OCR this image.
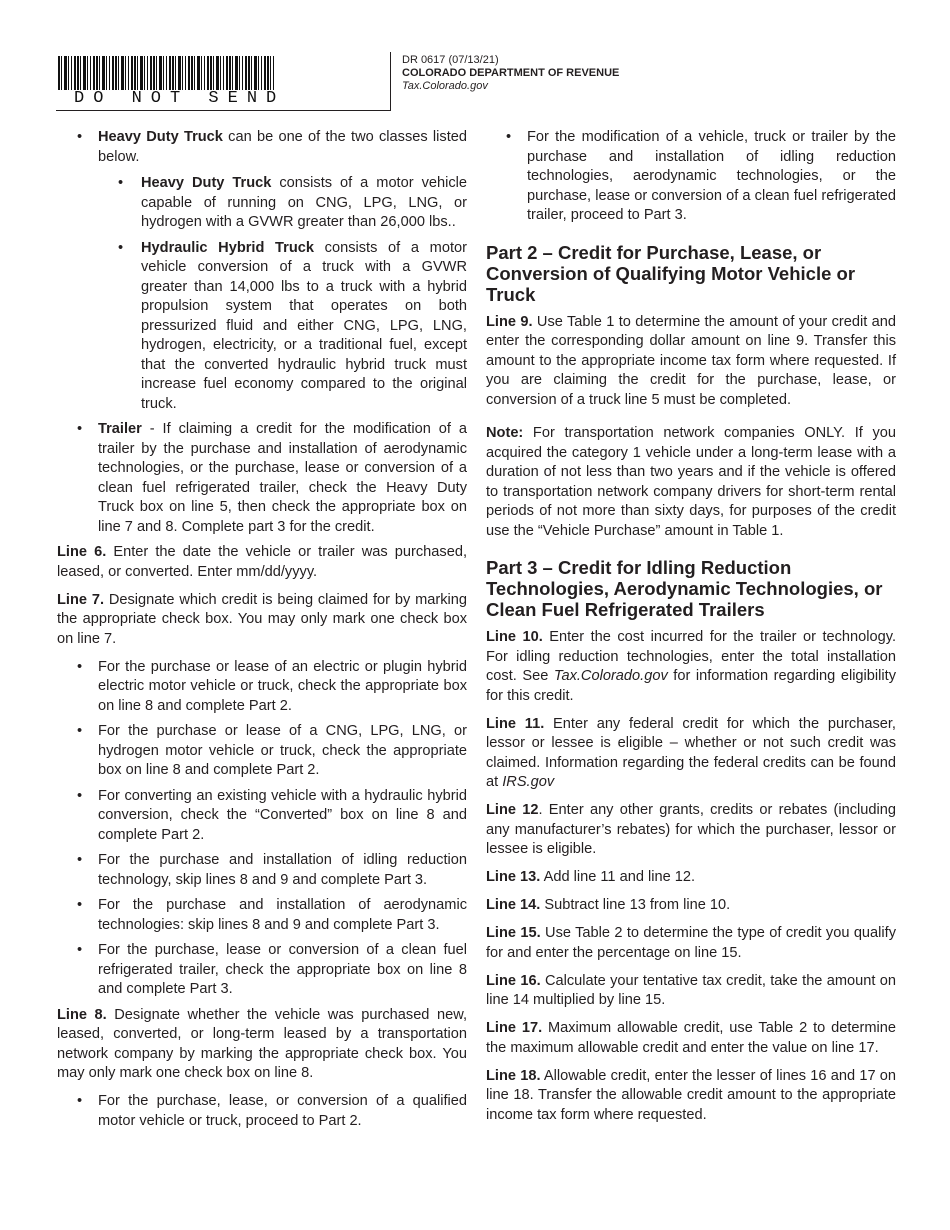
DO NOT SEND
DR 0617 (07/13/21)
COLORADO DEPARTMENT OF REVENUE
Tax.Colorado.gov
• Heavy Duty Truck can be one of the two classes listed below.
• Heavy Duty Truck consists of a motor vehicle capable of running on CNG, LPG, LNG, or hydrogen with a GVWR greater than 26,000 lbs..
• Hydraulic Hybrid Truck consists of a motor vehicle conversion of a truck with a GVWR greater than 14,000 lbs to a truck with a hybrid propulsion system that operates on both pressurized fluid and either CNG, LPG, LNG, hydrogen, electricity, or a traditional fuel, except that the converted hydraulic hybrid truck must increase fuel economy compared to the original truck.
• Trailer - If claiming a credit for the modification of a trailer by the purchase and installation of aerodynamic technologies, or the purchase, lease or conversion of a clean fuel refrigerated trailer, check the Heavy Duty Truck box on line 5, then check the appropriate box on line 7 and 8. Complete part 3 for the credit.

Line 6. Enter the date the vehicle or trailer was purchased, leased, or converted. Enter mm/dd/yyyy.

Line 7. Designate which credit is being claimed for by marking the appropriate check box. You may only mark one check box on line 7.

• For the purchase or lease of an electric or plugin hybrid electric motor vehicle or truck, check the appropriate box on line 8 and complete Part 2.
• For the purchase or lease of a CNG, LPG, LNG, or hydrogen motor vehicle or truck, check the appropriate box on line 8 and complete Part 2.
• For converting an existing vehicle with a hydraulic hybrid conversion, check the “Converted” box on line 8 and complete Part 2.
• For the purchase and installation of idling reduction technology, skip lines 8 and 9 and complete Part 3.
• For the purchase and installation of aerodynamic technologies: skip lines 8 and 9 and complete Part 3.
• For the purchase, lease or conversion of a clean fuel refrigerated trailer, check the appropriate box on line 8 and complete Part 3.

Line 8. Designate whether the vehicle was purchased new, leased, converted, or long-term leased by a transportation network company by marking the appropriate check box. You may only mark one check box on line 8.

• For the purchase, lease, or conversion of a qualified motor vehicle or truck, proceed to Part 2.
• For the modification of a vehicle, truck or trailer by the purchase and installation of idling reduction technologies, aerodynamic technologies, or the purchase, lease or conversion of a clean fuel refrigerated trailer, proceed to Part 3.
Part 2 – Credit for Purchase, Lease, or Conversion of Qualifying Motor Vehicle or Truck

Line 9. Use Table 1 to determine the amount of your credit and enter the corresponding dollar amount on line 9. Transfer this amount to the appropriate income tax form where requested. If you are claiming the credit for the purchase, lease, or conversion of a truck line 5 must be completed.

Note: For transportation network companies ONLY. If you acquired the category 1 vehicle under a long-term lease with a duration of not less than two years and if the vehicle is offered to transportation network company drivers for short-term rental periods of not more than sixty days, for purposes of the credit use the “Vehicle Purchase” amount in Table 1.

Part 3 – Credit for Idling Reduction Technologies, Aerodynamic Technologies, or Clean Fuel Refrigerated Trailers

Line 10. Enter the cost incurred for the trailer or technology. For idling reduction technologies, enter the total installation cost. See Tax.Colorado.gov for information regarding eligibility for this credit.

Line 11. Enter any federal credit for which the purchaser, lessor or lessee is eligible – whether or not such credit was claimed. Information regarding the federal credits can be found at IRS.gov

Line 12. Enter any other grants, credits or rebates (including any manufacturer’s rebates) for which the purchaser, lessor or lessee is eligible.

Line 13. Add line 11 and line 12.

Line 14. Subtract line 13 from line 10.

Line 15. Use Table 2 to determine the type of credit you qualify for and enter the percentage on line 15.

Line 16. Calculate your tentative tax credit, take the amount on line 14 multiplied by line 15.

Line 17. Maximum allowable credit, use Table 2 to determine the maximum allowable credit and enter the value on line 17.

Line 18. Allowable credit, enter the lesser of lines 16 and 17 on line 18. Transfer the allowable credit amount to the appropriate income tax form where requested.
